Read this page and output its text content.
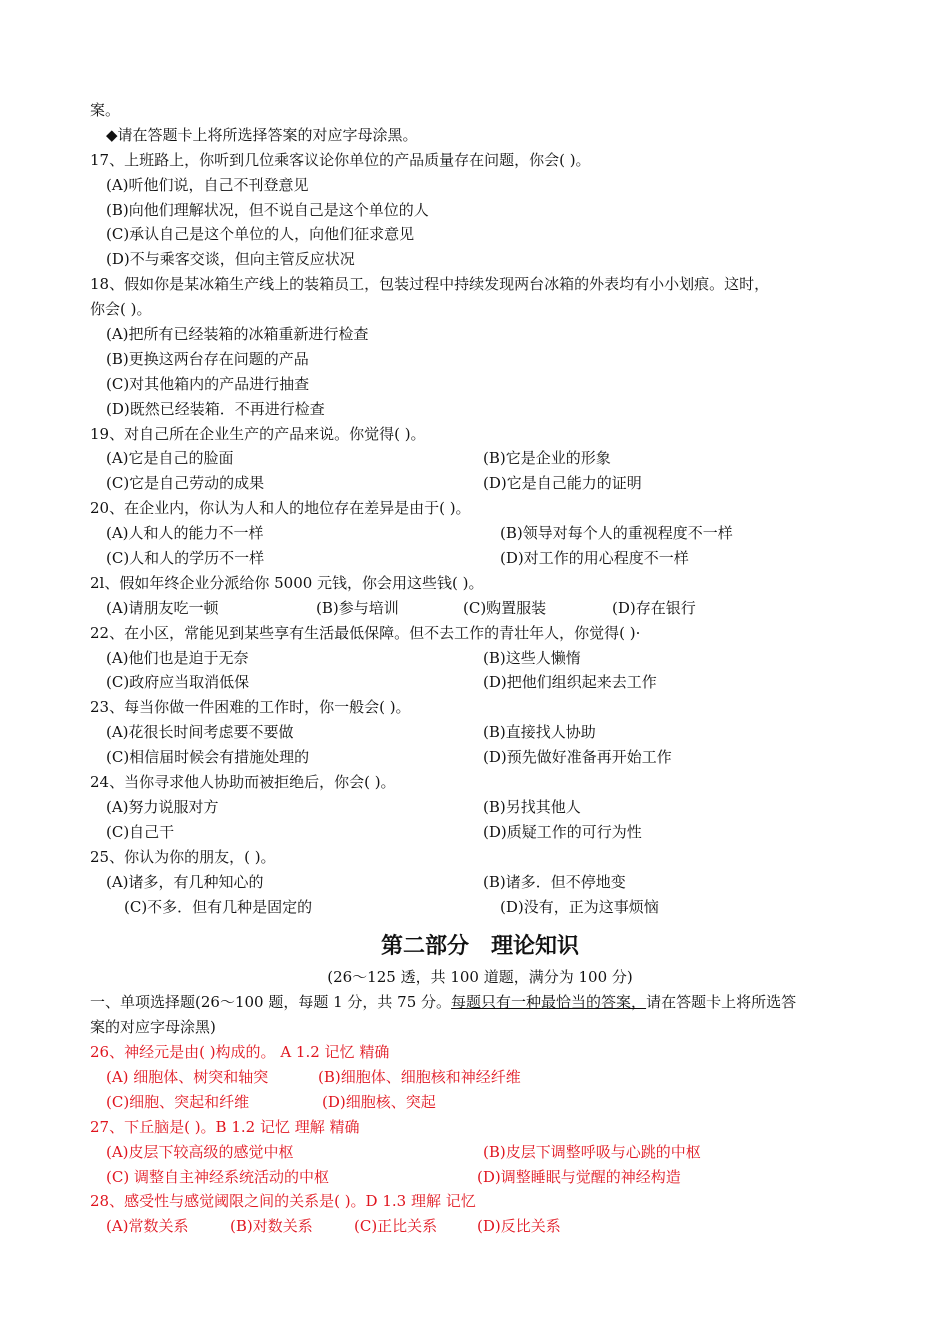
案。
◆请在答题卡上将所选择答案的对应字母涂黑。
17、上班路上，你听到几位乘客议论你单位的产品质量存在问题，你会( )。
(A)听他们说，自己不刊登意见
(B)向他们理解状况，但不说自己是这个单位的人
(C)承认自己是这个单位的人，向他们征求意见
(D)不与乘客交谈，但向主管反应状况
18、假如你是某冰箱生产线上的装箱员工，包装过程中持续发现两台冰箱的外表均有小小划痕。这时，
你会( )。
(A)把所有已经装箱的冰箱重新进行检查
(B)更换这两台存在问题的产品
(C)对其他箱内的产品进行抽查
(D)既然已经装箱．不再进行检查
19、对自己所在企业生产的产品来说。你觉得( )。
(A)它是自己的脸面	(B)它是企业的形象
(C)它是自己劳动的成果	(D)它是自己能力的证明
20、在企业内，你认为人和人的地位存在差异是由于( )。
(A)人和人的能力不一样	(B)领导对每个人的重视程度不一样
(C)人和人的学历不一样	(D)对工作的用心程度不一样
2l、假如年终企业分派给你 5000 元钱，你会用这些钱( )。
(A)请朋友吃一顿	(B)参与培训	(C)购置服装	(D)存在银行
22、在小区，常能见到某些享有生活最低保障。但不去工作的青壮年人，你觉得( )·
(A)他们也是迫于无奈	(B)这些人懒惰
(C)政府应当取消低保	(D)把他们组织起来去工作
23、每当你做一件困难的工作时，你一般会( )。
(A)花很长时间考虑要不要做	(B)直接找人协助
(C)相信届时候会有措施处理的	(D)预先做好准备再开始工作
24、当你寻求他人协助而被拒绝后，你会( )。
(A)努力说服对方	(B)另找其他人
(C)自己干	(D)质疑工作的可行为性
25、你认为你的朋友，( )。
(A)诸多，有几种知心的	(B)诸多．但不停地变
(C)不多．但有几种是固定的	(D)没有，正为这事烦恼
第二部分　理论知识
(26～125 透，共 100 道题，满分为 100 分)
一、单项选择题(26～100 题，每题 1 分，共 75 分。每题只有一种最恰当的答案，请在答题卡上将所选答
案的对应字母涂黑)
26、神经元是由( )构成的。 A 1.2 记忆 精确
(A) 细胞体、树突和轴突	(B)细胞体、细胞核和神经纤维
(C)细胞、突起和纤维	(D)细胞核、突起
27、下丘脑是( )。B 1.2 记忆 理解 精确
(A)皮层下较高级的感觉中枢	(B)皮层下调整呼吸与心跳的中枢
(C) 调整自主神经系统活动的中枢	(D)调整睡眠与觉醒的神经构造
28、感受性与感觉阈限之间的关系是( )。D 1.3 理解 记忆
(A)常数关系	(B)对数关系	(C)正比关系	(D)反比关系
